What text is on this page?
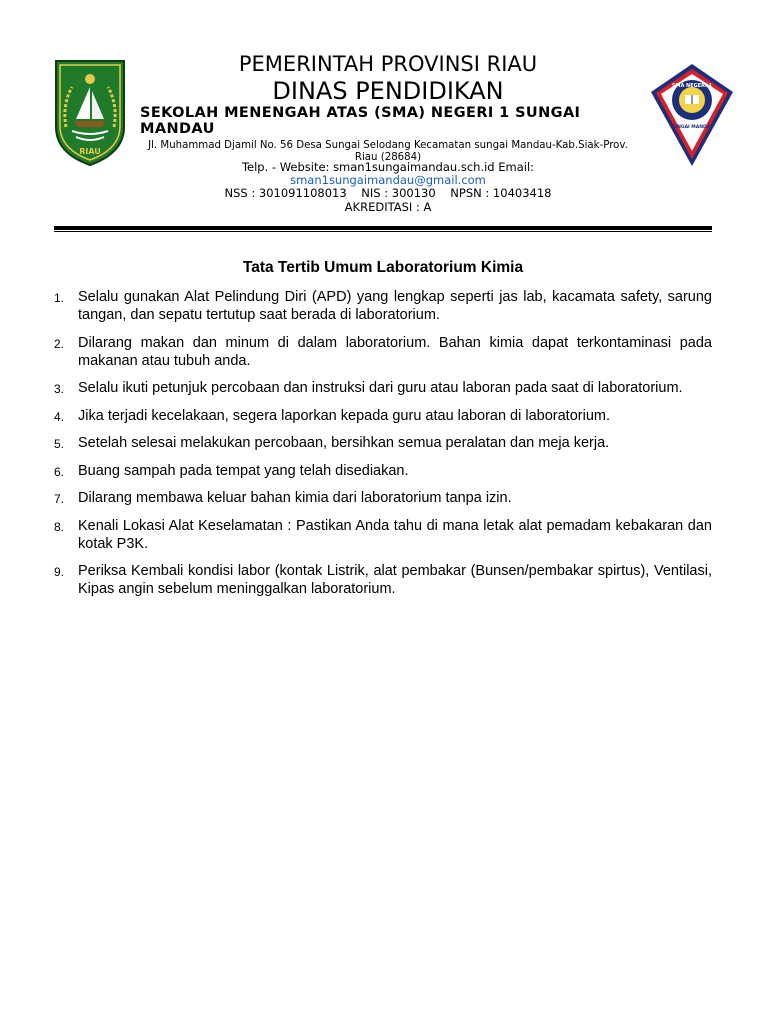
RIAU
SMA NEGERI 1
SUNGAI MANDAU
PEMERINTAH PROVINSI RIAU
DINAS PENDIDIKAN
SEKOLAH MENENGAH ATAS (SMA) NEGERI 1 SUNGAI MANDAU
Jl. Muhammad Djamil No. 56 Desa Sungai Selodang Kecamatan sungai Mandau-Kab.Siak-Prov. Riau (28684)
Telp. - Website: sman1sungaimandau.sch.id Email:
sman1sungaimandau@gmail.com
NSS : 301091108013    NIS : 300130    NPSN : 10403418
AKREDITASI : A
Tata Tertib Umum Laboratorium Kimia
1. Selalu gunakan Alat Pelindung Diri (APD) yang lengkap seperti jas lab, kacamata safety, sarung tangan, dan sepatu tertutup saat berada di laboratorium.
2. Dilarang makan dan minum di dalam laboratorium. Bahan kimia dapat terkontaminasi pada makanan atau tubuh anda.
3. Selalu ikuti petunjuk percobaan dan instruksi dari guru atau laboran pada saat di laboratorium.
4. Jika terjadi kecelakaan, segera laporkan kepada guru atau laboran di laboratorium.
5. Setelah selesai melakukan percobaan, bersihkan semua peralatan dan meja kerja.
6. Buang sampah pada tempat yang telah disediakan.
7. Dilarang membawa keluar bahan kimia dari laboratorium tanpa izin.
8. Kenali Lokasi Alat Keselamatan : Pastikan Anda tahu di mana letak alat pemadam kebakaran dan kotak P3K.
9. Periksa Kembali kondisi labor (kontak Listrik, alat pembakar (Bunsen/pembakar spirtus), Ventilasi, Kipas angin sebelum meninggalkan laboratorium.
